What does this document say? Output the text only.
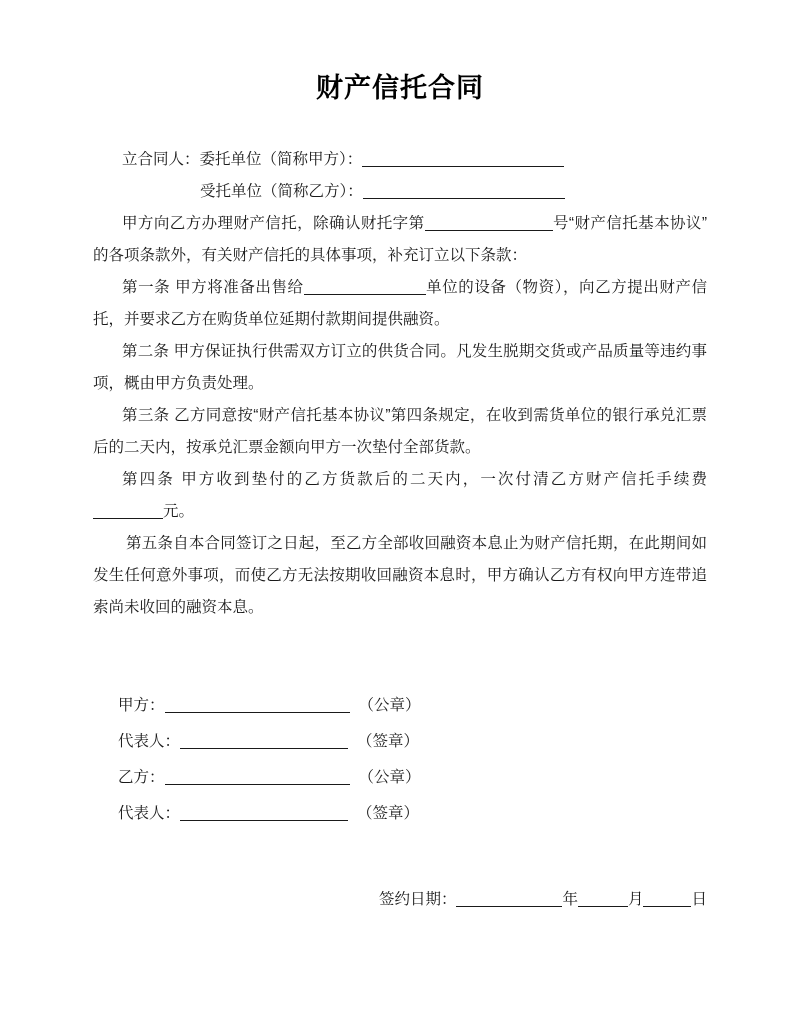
财产信托合同
立合同人：委托单位（简称甲方）：
受托单位（简称乙方）：

甲方向乙方办理财产信托，除确认财托字第	号“财产信托基本协议”的各项条款外，有关财产信托的具体事项，补充订立以下条款：

第一条 甲方将准备出售给	单位的设备（物资），向乙方提出财产信托，并要求乙方在购货单位延期付款期间提供融资。

第二条 甲方保证执行供需双方订立的供货合同。凡发生脱期交货或产品质量等违约事项，概由甲方负责处理。

第三条 乙方同意按“财产信托基本协议”第四条规定，在收到需货单位的银行承兑汇票后的二天内，按承兑汇票金额向甲方一次垫付全部货款。

第四条 甲方收到垫付的乙方货款后的二天内，一次付清乙方财产信托手续费元。

第五条自本合同签订之日起，至乙方全部收回融资本息止为财产信托期，在此期间如发生任何意外事项，而使乙方无法按期收回融资本息时，甲方确认乙方有权向甲方连带追索尚未收回的融资本息。

甲方：	（公章）
代表人：	（签章）
乙方：	（公章）
代表人：	（签章）
签约日期：	年	月	日
